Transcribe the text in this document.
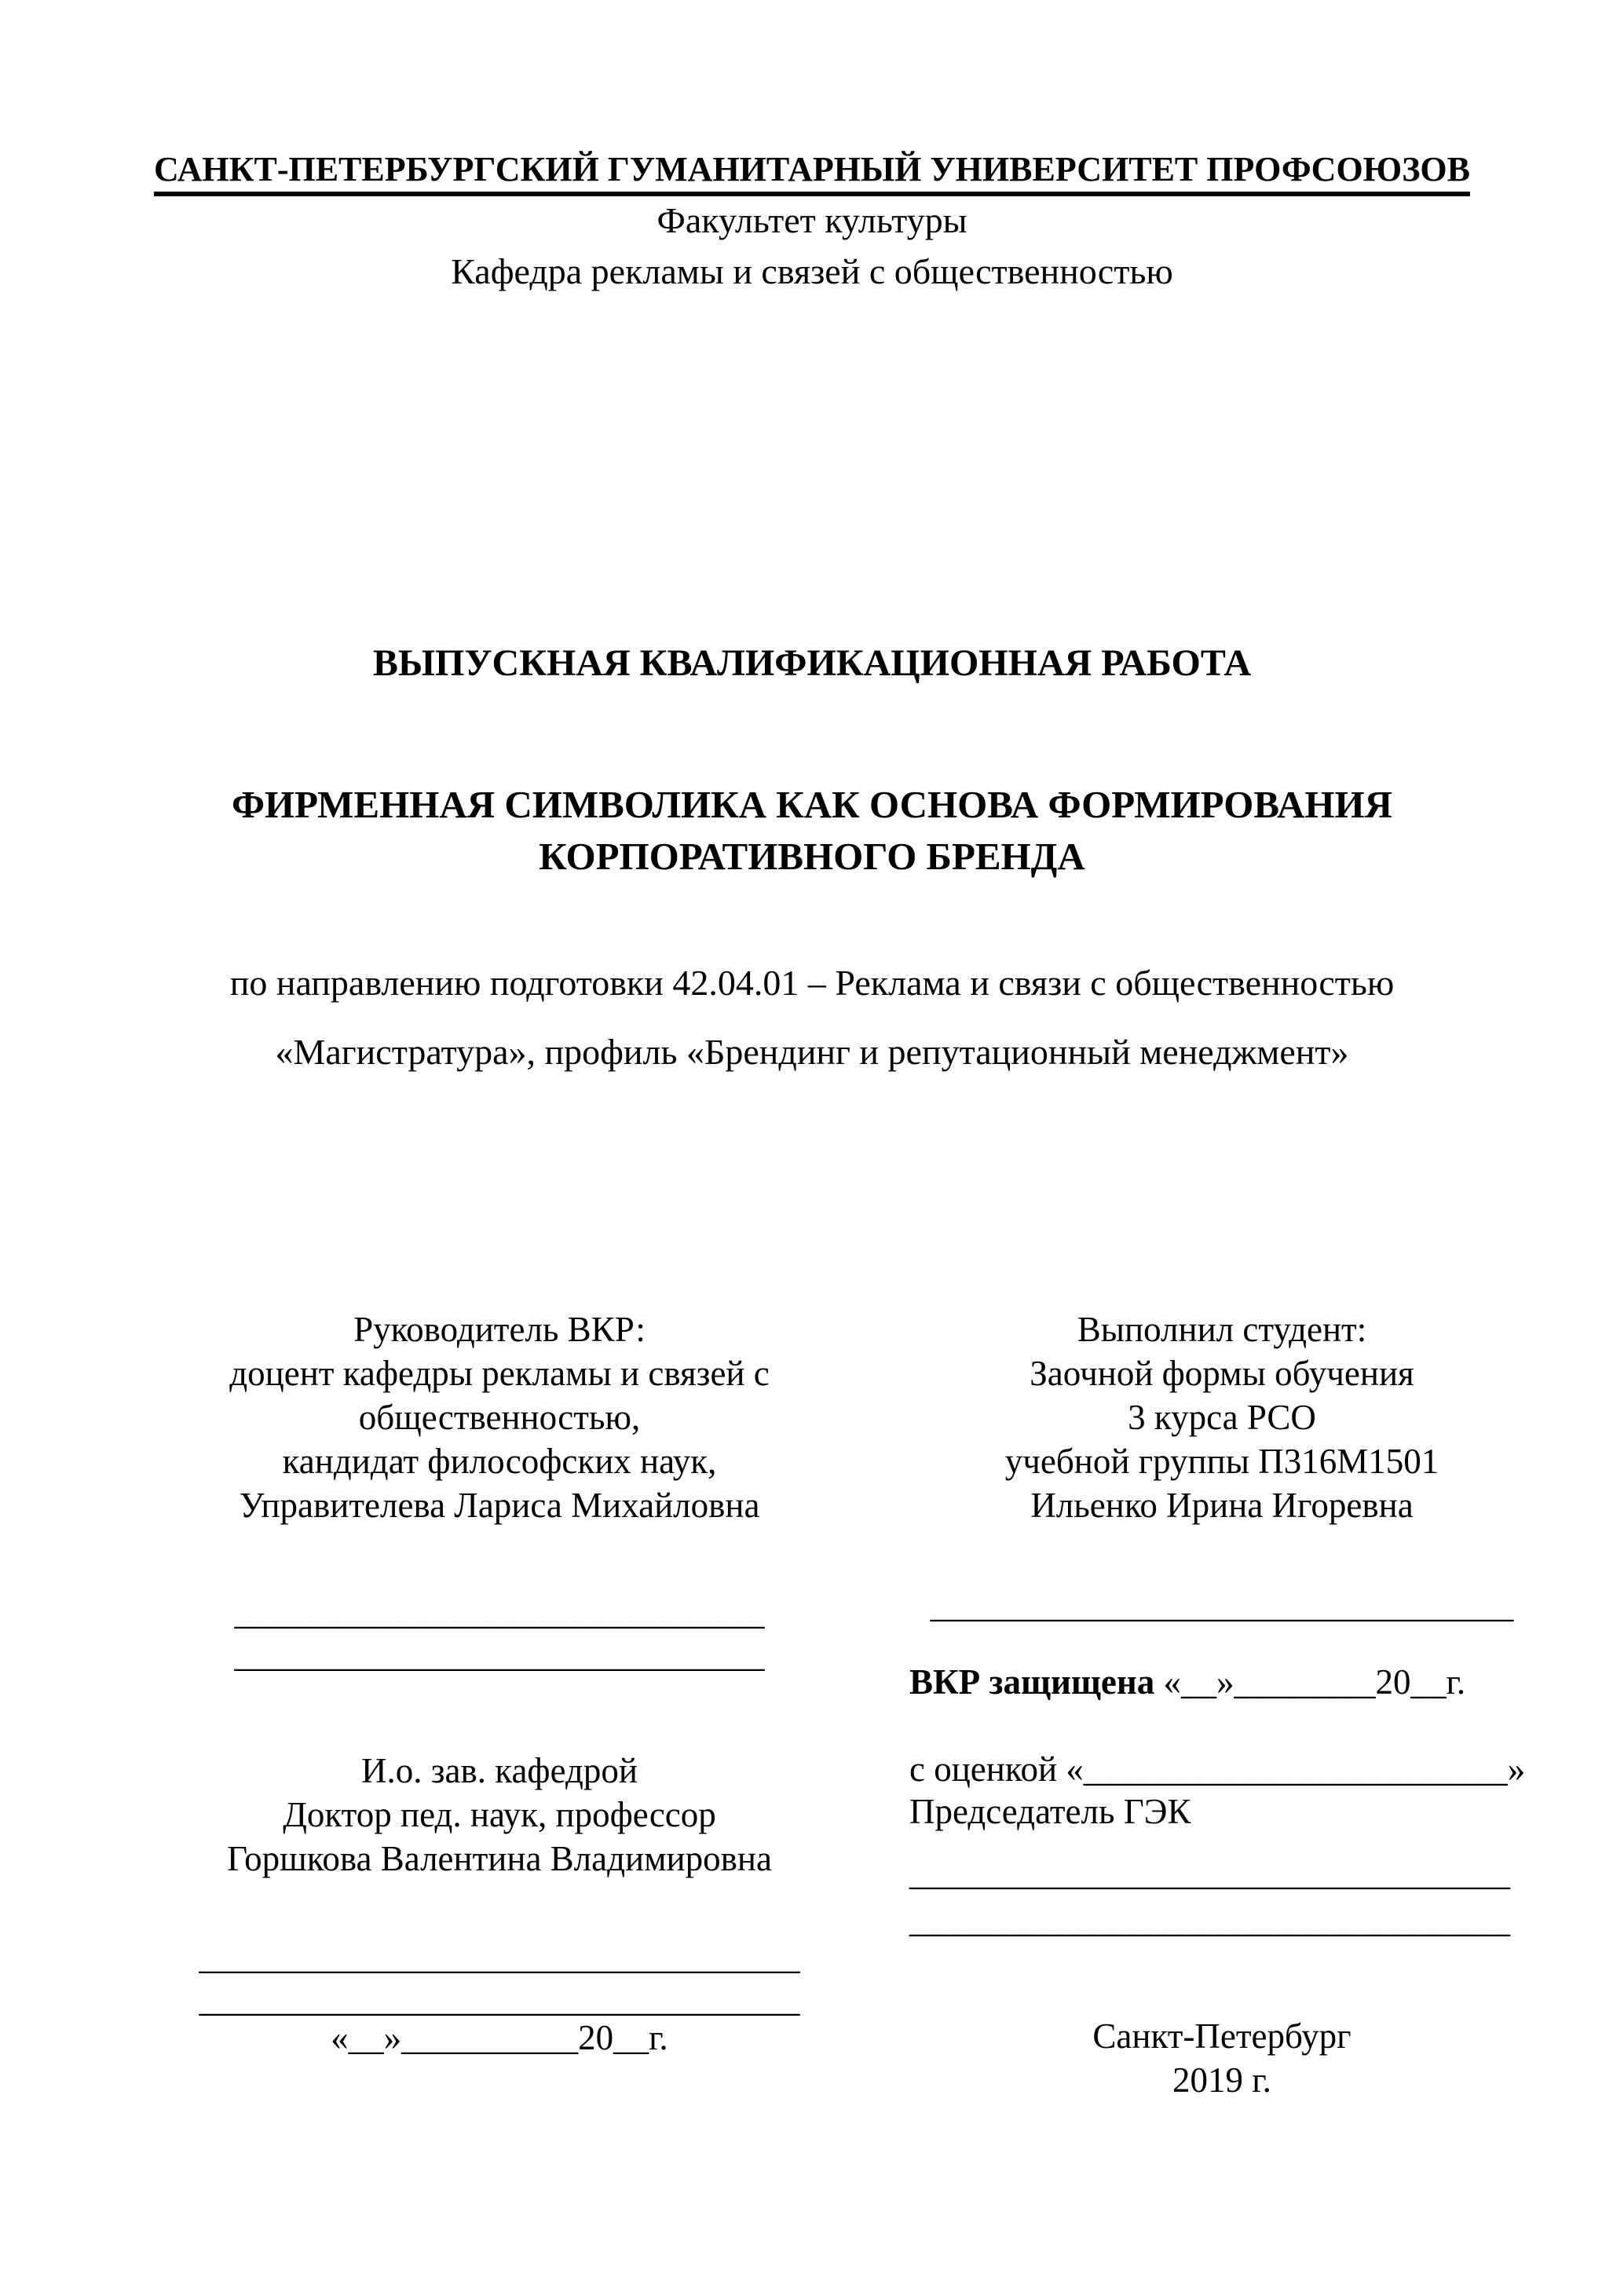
САНКТ-ПЕТЕРБУРГСКИЙ ГУМАНИТАРНЫЙ УНИВЕРСИТЕТ ПРОФСОЮЗОВ
Факультет культуры
Кафедра рекламы и связей с общественностью
ВЫПУСКНАЯ КВАЛИФИКАЦИОННАЯ РАБОТА
ФИРМЕННАЯ СИМВОЛИКА КАК ОСНОВА ФОРМИРОВАНИЯ
КОРПОРАТИВНОГО БРЕНДА
по направлению подготовки 42.04.01 – Реклама и связи с общественностью
«Магистратура», профиль «Брендинг и репутационный менеджмент»
Руководитель ВКР:
доцент кафедры рекламы и связей с
общественностью,
кандидат философских наук,
Управителева Лариса Михайловна
______________________________
______________________________
И.о. зав. кафедрой
Доктор пед. наук, профессор
Горшкова Валентина Владимировна
__________________________________
__________________________________
«__»__________20__г.
Выполнил студент:
Заочной формы обучения
3 курса РСО
учебной группы П316М1501
Ильенко Ирина Игоревна
_________________________________
ВКР защищена «__»________20__г.
с оценкой «________________________»
Председатель ГЭК
__________________________________
__________________________________
Санкт-Петербург
2019 г.
